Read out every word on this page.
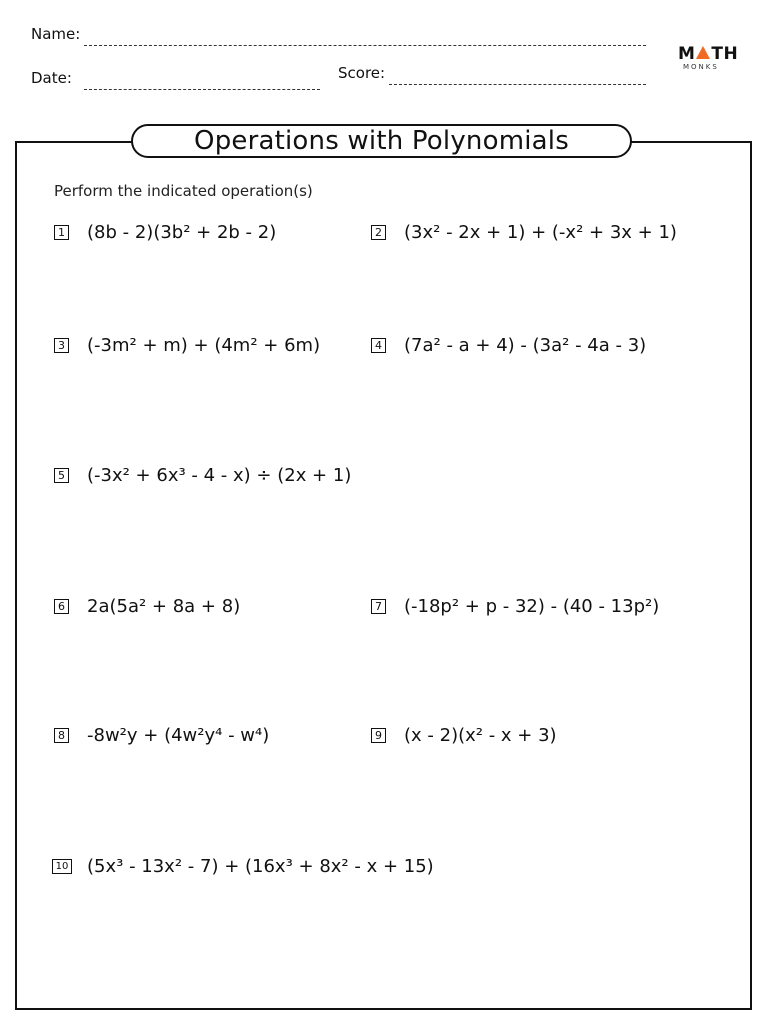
Name:
Date:	Score:
M TH
MONKS
Operations with Polynomials
Perform the indicated operation(s)
1 (8b - 2)(3b² + 2b - 2)	2 (3x² - 2x + 1) + (-x² + 3x + 1)
3 (-3m² + m) + (4m² + 6m)	4 (7a² - a + 4) - (3a² - 4a - 3)
5 (-3x² + 6x³ - 4 - x) ÷ (2x + 1)
6 2a(5a² + 8a + 8)	7 (-18p² + p - 32) - (40 - 13p²)
8 -8w²y + (4w²y⁴ - w⁴)	9 (x - 2)(x² - x + 3)
10 (5x³ - 13x² - 7) + (16x³ + 8x² - x + 15)
